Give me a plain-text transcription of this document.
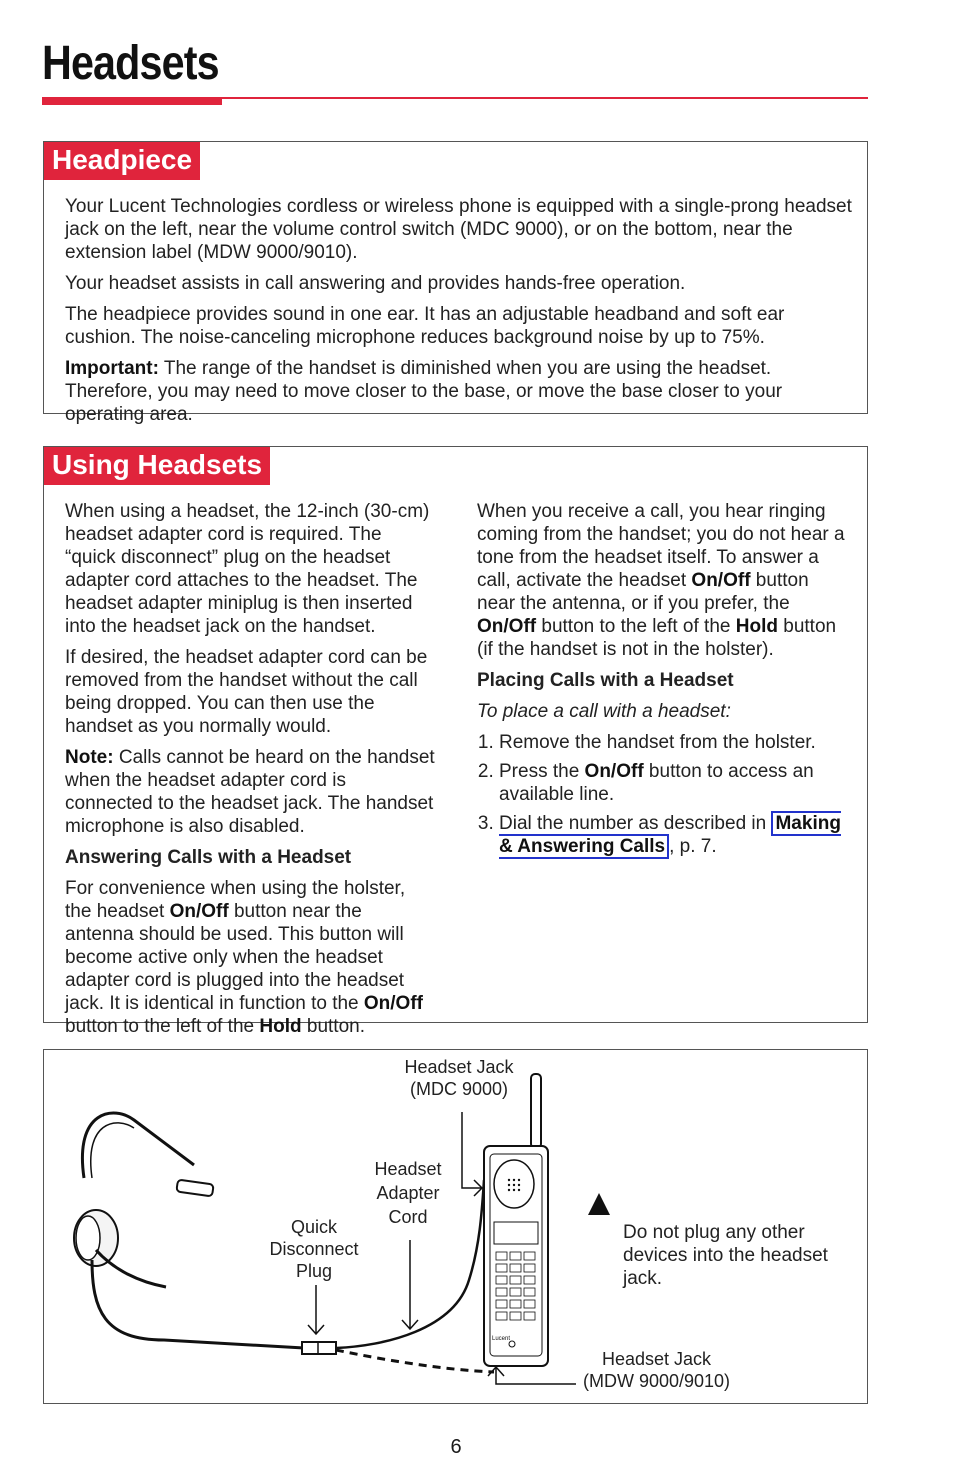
Headsets
Headpiece

Your Lucent Technologies cordless or wireless phone is equipped with a single-prong headset jack on the left, near the volume control switch (MDC 9000), or on the bottom, near the extension label (MDW 9000/9010).

Your headset assists in call answering and provides hands-free operation.

The headpiece provides sound in one ear. It has an adjustable headband and soft ear cushion. The noise-canceling microphone reduces background noise by up to 75%.

Important: The range of the handset is diminished when you are using the headset. Therefore, you may need to move closer to the base, or move the base closer to your operating area.

Using Headsets

When using a headset, the 12-inch (30-cm) headset adapter cord is required. The “quick disconnect” plug on the headset adapter cord attaches to the headset. The headset adapter miniplug is then inserted into the headset jack on the handset.

If desired, the headset adapter cord can be removed from the handset without the call being dropped. You can then use the handset as you normally would.

Note: Calls cannot be heard on the handset when the headset adapter cord is connected to the headset jack. The handset microphone is also disabled.

Answering Calls with a Headset

For convenience when using the holster, the headset On/Off button near the antenna should be used. This button will become active only when the headset adapter cord is plugged into the headset jack. It is identical in function to the On/Off button to the left of the Hold button.

When you receive a call, you hear ringing coming from the handset; you do not hear a tone from the headset itself. To answer a call, activate the headset On/Off button near the antenna, or if you prefer, the On/Off button to the left of the Hold button (if the handset is not in the holster).

Placing Calls with a Headset

To place a call with a headset:

1. Remove the handset from the holster.
2. Press the On/Off button to access an available line.
3. Dial the number as described in Making & Answering Calls , p. 7.
Lucent
Headset Jack
(MDC 9000)
Headset
Adapter
Cord
Quick
Disconnect
Plug
Do not plug any other devices into the headset jack.
Headset Jack
(MDW 9000/9010)
6
